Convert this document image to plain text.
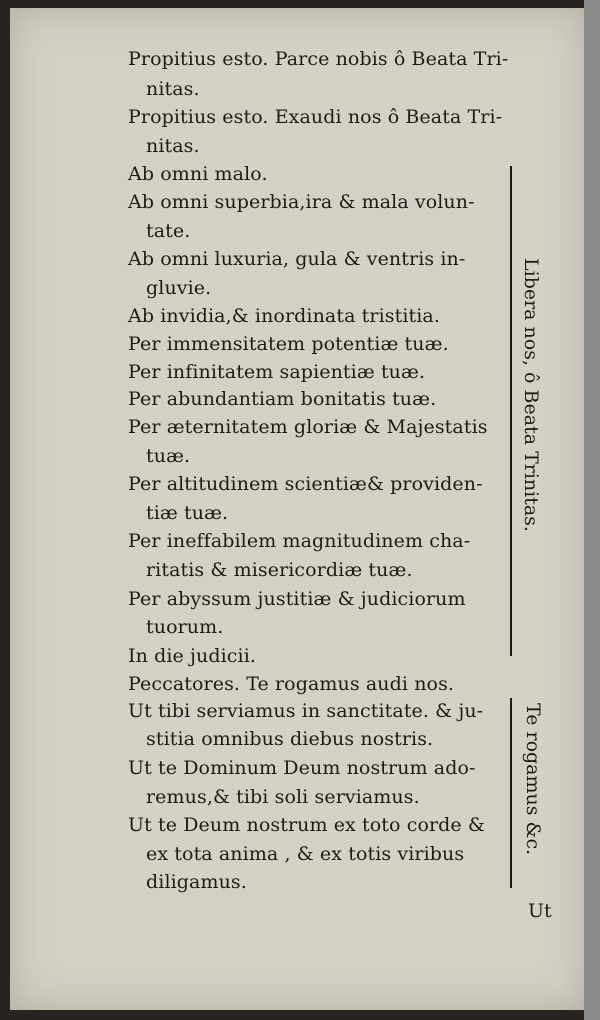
Propitius esto. Parce nobis ô Beata Tri-
nitas.
Propitius esto. Exaudi nos ô Beata Tri-
nitas.
Ab omni malo.
Ab omni superbia,ira & mala volun-
tate.
Ab omni luxuria, gula & ventris in-
gluvie.
Ab invidia,& inordinata tristitia.
Per immensitatem potentiæ tuæ.
Per infinitatem sapientiæ tuæ.
Per abundantiam bonitatis tuæ.
Per æternitatem gloriæ & Majestatis
tuæ.
Per altitudinem scientiæ& providen-
tiæ tuæ.
Per ineffabilem magnitudinem cha-
ritatis & misericordiæ tuæ.
Per abyssum justitiæ & judiciorum
tuorum.
In die judicii.
Peccatores. Te rogamus audi nos.
Ut tibi serviamus in sanctitate. & ju-
stitia omnibus diebus nostris.
Ut te Dominum Deum nostrum ado-
remus,& tibi soli serviamus.
Ut te Deum nostrum ex toto corde &
ex tota anima , & ex totis viribus
diligamus.
Libera nos, ô Beata Trinitas.
Te rogamus &c.
Ut
